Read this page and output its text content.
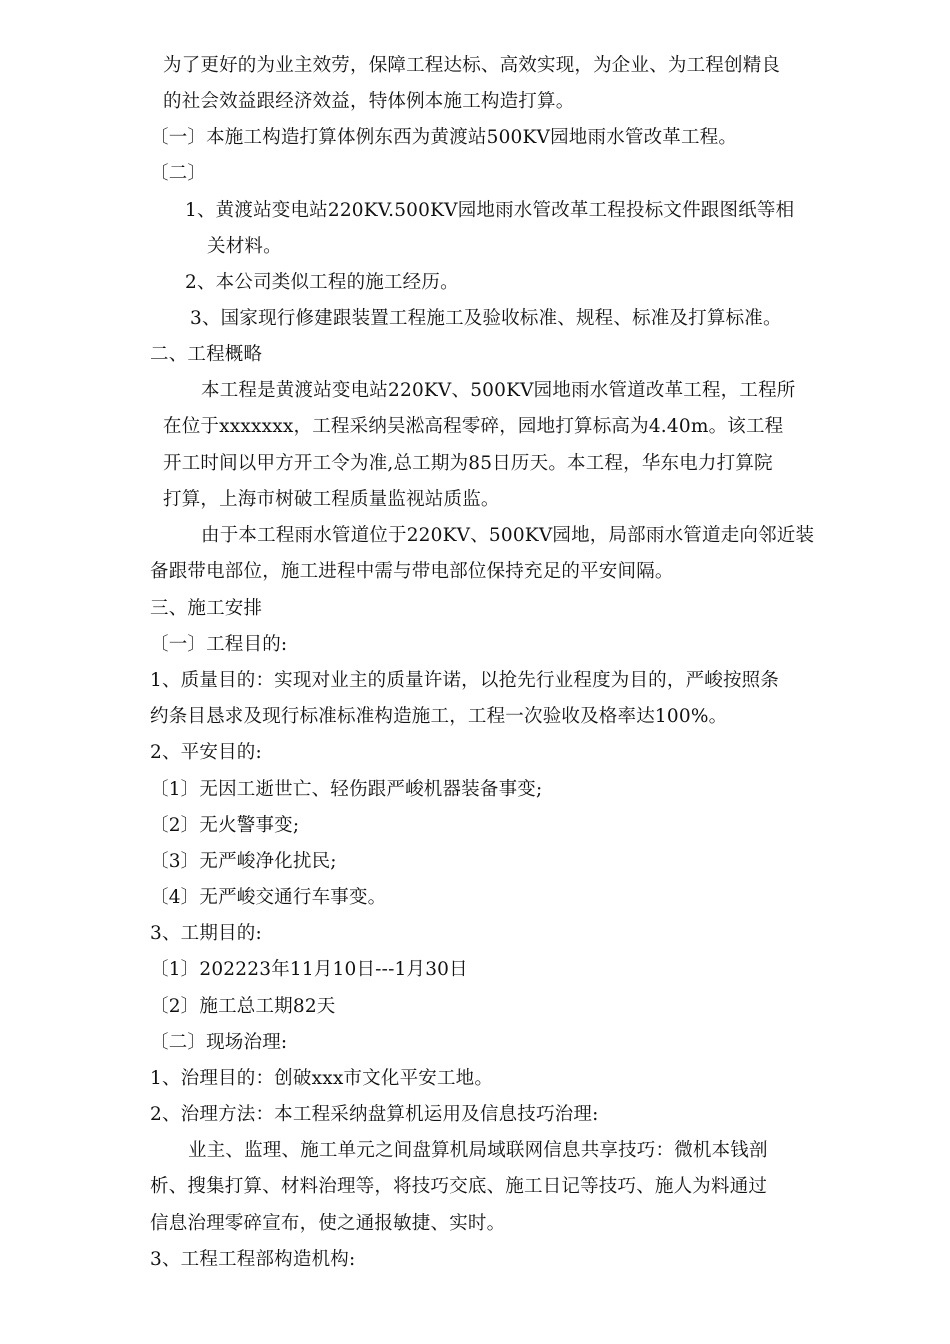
为了更好的为业主效劳，保障工程达标、高效实现，为企业、为工程创精良
的社会效益跟经济效益，特体例本施工构造打算。
〔一〕本施工构造打算体例东西为黄渡站500KV园地雨水管改革工程。
〔二〕
1、黄渡站变电站220KV.500KV园地雨水管改革工程投标文件跟图纸等相
关材料。
2、本公司类似工程的施工经历。
3、国家现行修建跟装置工程施工及验收标准、规程、标准及打算标准。
二、工程概略
本工程是黄渡站变电站220KV、500KV园地雨水管道改革工程，工程所
在位于xxxxxxx，工程采纳吴淞高程零碎，园地打算标高为4.40m。该工程
开工时间以甲方开工令为准,总工期为85日历天。本工程，华东电力打算院
打算，上海市树破工程质量监视站质监。
由于本工程雨水管道位于220KV、500KV园地，局部雨水管道走向邻近装
备跟带电部位，施工进程中需与带电部位保持充足的平安间隔。
三、施工安排
〔一〕工程目的:
1、质量目的：实现对业主的质量许诺，以抢先行业程度为目的，严峻按照条
约条目恳求及现行标准标准构造施工，工程一次验收及格率达100%。
2、平安目的:
〔1〕无因工逝世亡、轻伤跟严峻机器装备事变;
〔2〕无火警事变;
〔3〕无严峻净化扰民;
〔4〕无严峻交通行车事变。
3、工期目的:
〔1〕202223年11月10日---1月30日
〔2〕施工总工期82天
〔二〕现场治理:
1、治理目的：创破xxx市文化平安工地。
2、治理方法：本工程采纳盘算机运用及信息技巧治理:
业主、监理、施工单元之间盘算机局域联网信息共享技巧：微机本钱剖
析、搜集打算、材料治理等，将技巧交底、施工日记等技巧、施人为料通过
信息治理零碎宣布，使之通报敏捷、实时。
3、工程工程部构造机构:
